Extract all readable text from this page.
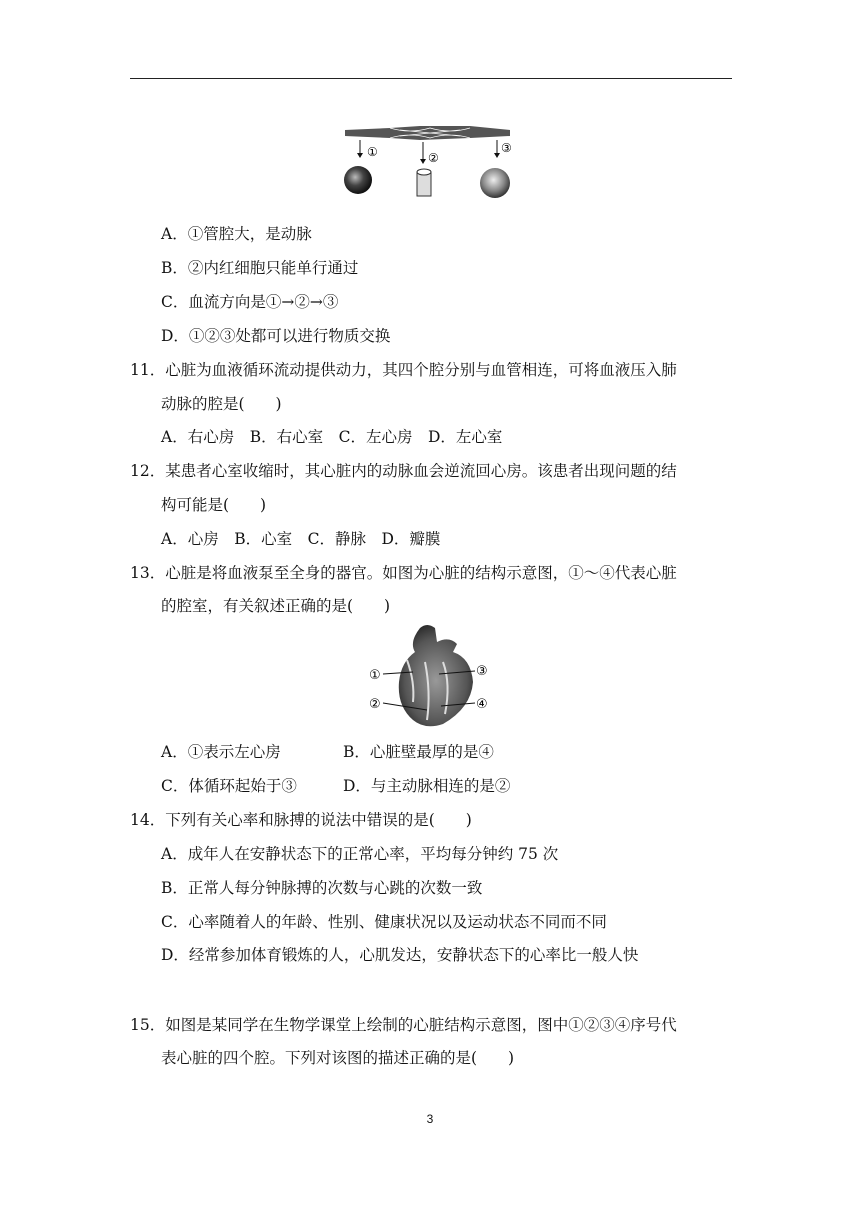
①	②
③
A．①管腔大，是动脉
B．②内红细胞只能单行通过
C．血流方向是①→②→③
D．①②③处都可以进行物质交换
11．心脏为血液循环流动提供动力，其四个腔分别与血管相连，可将血液压入肺
动脉的腔是(　　)
A．右心房　B．右心室　C．左心房　D．左心室
12．某患者心室收缩时，其心脏内的动脉血会逆流回心房。该患者出现问题的结
构可能是(　　)
A．心房　B．心室　C．静脉　D．瓣膜
13．心脏是将血液泵至全身的器官。如图为心脏的结构示意图，①～④代表心脏
的腔室，有关叙述正确的是(　　)
①
②
③
④
A．①表示左心房	B．心脏壁最厚的是④
C．体循环起始于③	D．与主动脉相连的是②
14．下列有关心率和脉搏的说法中错误的是(　　)
A．成年人在安静状态下的正常心率，平均每分钟约 75 次
B．正常人每分钟脉搏的次数与心跳的次数一致
C．心率随着人的年龄、性别、健康状况以及运动状态不同而不同
D．经常参加体育锻炼的人，心肌发达，安静状态下的心率比一般人快
15．如图是某同学在生物学课堂上绘制的心脏结构示意图，图中①②③④序号代
表心脏的四个腔。下列对该图的描述正确的是(　　)
3
